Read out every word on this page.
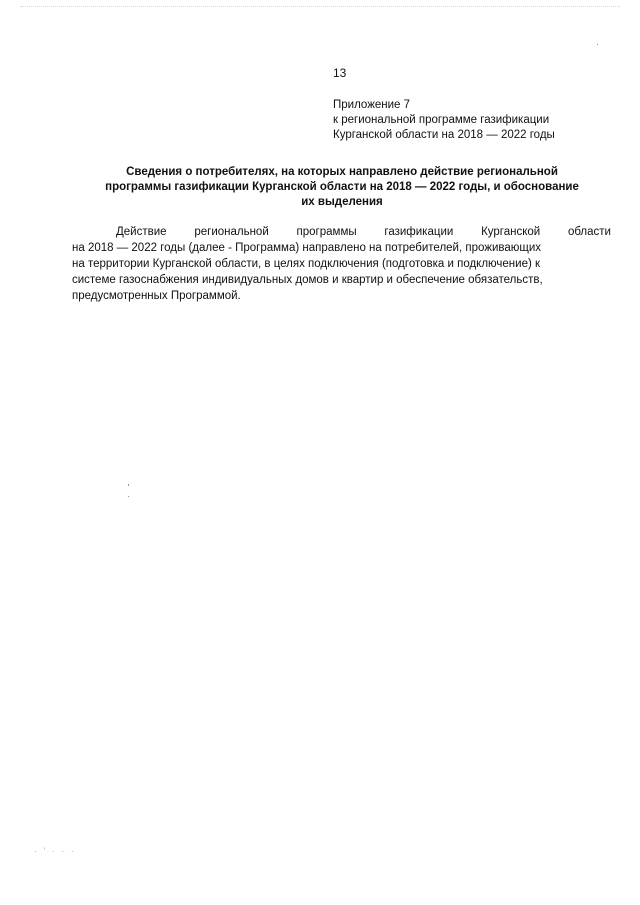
13
Приложение 7
к региональной программе газификации
Курганской области на 2018 — 2022 годы
Сведения о потребителях, на которых направлено действие региональной
программы газификации Курганской области на 2018 — 2022 годы, и обоснование
их выделения
Действие региональной программы газификации Курганской области
на 2018 — 2022 годы (далее - Программа) направлено на потребителей, проживающих
на территории Курганской области, в целях подключения (подготовка и подключение) к
системе газоснабжения индивидуальных домов и квартир и обеспечение обязательств,
предусмотренных Программой.
· ' · · ·
